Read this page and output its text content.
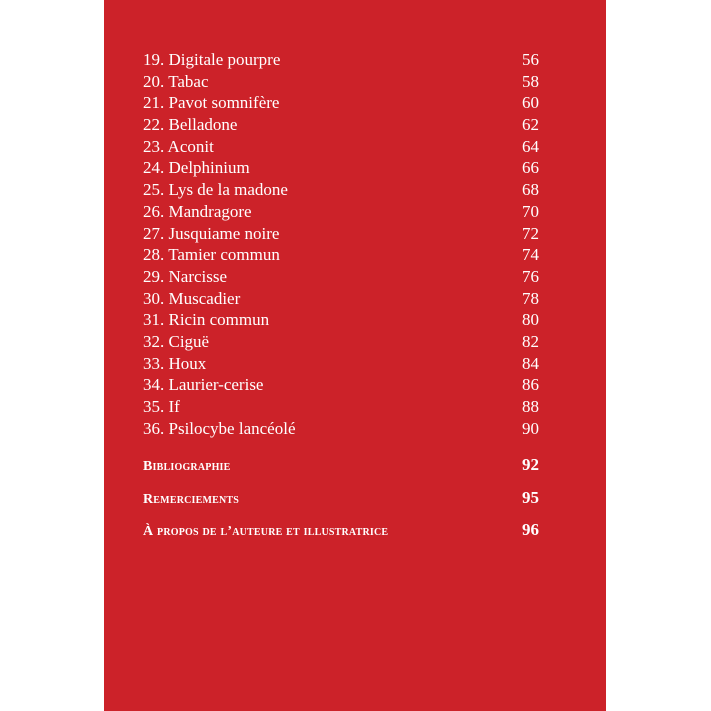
19. Digitale pourpre	56
20. Tabac	58
21. Pavot somnifère	60
22. Belladone	62
23. Aconit	64
24. Delphinium	66
25. Lys de la madone	68
26. Mandragore	70
27. Jusquiame noire	72
28. Tamier commun	74
29. Narcisse	76
30. Muscadier	78
31. Ricin commun	80
32. Ciguë	82
33. Houx	84
34. Laurier-cerise	86
35. If	88
36. Psilocybe lancéolé	90
Bibliographie	92
Remerciements	95
À propos de l’auteure et illustratrice	96
